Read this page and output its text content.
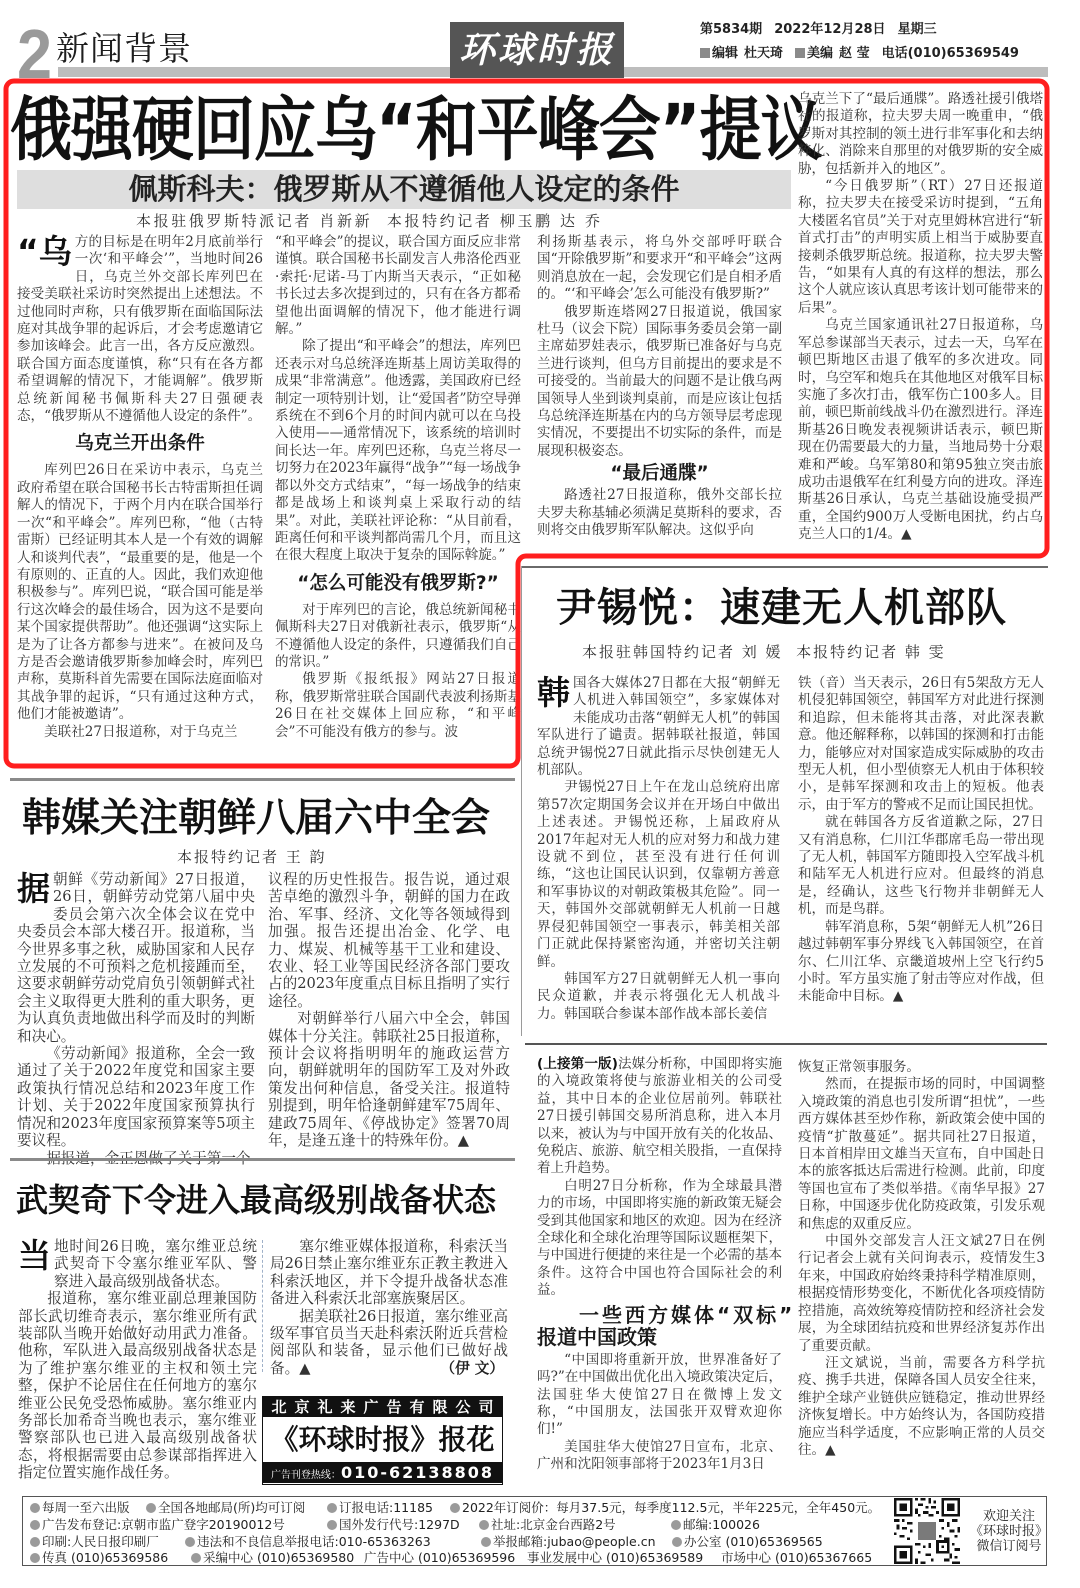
2 新闻背景	环球时报	第5834期 2022年12月28日 星期三
编辑 杜天琦 美编 赵 莹 电话(010)65369549
俄强硬回应乌“和平峰会”提议
佩斯科夫：俄罗斯从不遵循他人设定的条件
本报驻俄罗斯特派记者 肖新新  本报特约记者 柳玉鹏 达 乔

“乌方的目标是在明年2月底前举行一次‘和平峰会’”，当地时间26日，乌克兰外交部长库列巴在接受美联社采访时突然提出上述想法。不过他同时声称，只有俄罗斯在面临国际法庭对其战争罪的起诉后，才会考虑邀请它参加该峰会。此言一出，各方反应激烈。联合国方面态度谨慎，称“只有在各方都希望调解的情况下，才能调解”。俄罗斯总统新闻秘书佩斯科夫27日强硬表态，“俄罗斯从不遵循他人设定的条件”。

乌克兰开出条件

库列巴26日在采访中表示，乌克兰政府希望在联合国秘书长古特雷斯担任调解人的情况下，于两个月内在联合国举行一次“和平峰会”。库列巴称，“他（古特雷斯）已经证明其本人是一个有效的调解人和谈判代表”，“最重要的是，他是一个有原则的、正直的人。因此，我们欢迎他积极参与”。库列巴说，“联合国可能是举行这次峰会的最佳场合，因为这不是要向某个国家提供帮助”。他还强调“这实际上是为了让各方都参与进来”。在被问及乌方是否会邀请俄罗斯参加峰会时，库列巴声称，莫斯科首先需要在国际法庭面临对其战争罪的起诉，“只有通过这种方式，他们才能被邀请”。

美联社27日报道称，对于乌克兰

“和平峰会”的提议，联合国方面反应非常谨慎。联合国秘书长副发言人弗洛伦西亚·索托·尼诺-马丁内斯当天表示，“正如秘书长过去多次提到过的，只有在各方都希望他出面调解的情况下，他才能进行调解。”

除了提出“和平峰会”的想法，库列巴还表示对乌总统泽连斯基上周访美取得的成果“非常满意”。他透露，美国政府已经制定一项特别计划，让“爱国者”防空导弹系统在不到6个月的时间内就可以在乌投入使用——通常情况下，该系统的培训时间长达一年。库列巴还称，乌克兰将尽一切努力在2023年赢得“战争”“每一场战争都以外交方式结束”，“每一场战争的结束都是战场上和谈判桌上采取行动的结果”。对此，美联社评论称：“从目前看，距离任何和平谈判都尚需几个月，而且这在很大程度上取决于复杂的国际斡旋。”

“怎么可能没有俄罗斯?”

对于库列巴的言论，俄总统新闻秘书佩斯科夫27日对俄新社表示，俄罗斯“从不遵循他人设定的条件，只遵循我们自己的常识。”

俄罗斯《报纸报》网站27日报道称，俄罗斯常驻联合国副代表波利扬斯基26日在社交媒体上回应称，“和平峰会”不可能没有俄方的参与。波

利扬斯基表示，将乌外交部呼吁联合国“开除俄罗斯”和要求开“和平峰会”这两则消息放在一起，会发现它们是自相矛盾的。“‘和平峰会’怎么可能没有俄罗斯?”

俄罗斯连塔网27日报道说，俄国家杜马（议会下院）国际事务委员会第一副主席茹罗娃表示，俄罗斯已准备好与乌克兰进行谈判，但乌方目前提出的要求是不可接受的。当前最大的问题不是让俄乌两国领导人坐到谈判桌前，而是应该让包括乌总统泽连斯基在内的乌方领导层考虑现实情况，不要提出不切实际的条件，而是展现积极姿态。

“最后通牒”

路透社27日报道称，俄外交部长拉夫罗夫称基辅必须满足莫斯科的要求，否则将交由俄罗斯军队解决。这似乎向

乌克兰下了“最后通牒”。路透社援引俄塔社的报道称，拉夫罗夫周一晚重申，“俄罗斯对其控制的领土进行非军事化和去纳粹化、消除来自那里的对俄罗斯的安全威胁，包括新并入的地区”。

“今日俄罗斯”（RT）27日还报道称，拉夫罗夫在接受采访时提到，“五角大楼匿名官员”关于对克里姆林宫进行“斩首式打击”的声明实质上相当于威胁要直接刺杀俄罗斯总统。报道称，拉夫罗夫警告，“如果有人真的有这样的想法，那么这个人就应该认真思考该计划可能带来的后果”。

乌克兰国家通讯社27日报道称，乌军总参谋部当天表示，过去一天，乌军在顿巴斯地区击退了俄军的多次进攻。同时，乌空军和炮兵在其他地区对俄军目标实施了多次打击，俄军伤亡100多人。目前，顿巴斯前线战斗仍在激烈进行。泽连斯基26日晚发表视频讲话表示，顿巴斯现在仍需要最大的力量，当地局势十分艰难和严峻。乌军第80和第95独立突击旅成功击退俄军在红利曼方向的进攻。泽连斯基26日承认，乌克兰基础设施受损严重，全国约900万人受断电困扰，约占乌克兰人口的1/4。▲

尹锡悦：速建无人机部队
本报驻韩国特约记者 刘 媛  本报特约记者 韩 雯

韩国各大媒体27日都在大报“朝鲜无人机进入韩国领空”，多家媒体对未能成功击落“朝鲜无人机”的韩国军队进行了谴责。据韩联社报道，韩国总统尹锡悦27日就此指示尽快创建无人机部队。

尹锡悦27日上午在龙山总统府出席第57次定期国务会议并在开场白中做出上述表述。尹锡悦还称，上届政府从2017年起对无人机的应对努力和战力建设就不到位，甚至没有进行任何训练，“这也让国民认识到，仅靠朝方善意和军事协议的对朝政策极其危险”。同一天，韩国外交部就朝鲜无人机前一日越界侵犯韩国领空一事表示，韩美相关部门正就此保持紧密沟通，并密切关注朝鲜。

韩国军方27日就朝鲜无人机一事向民众道歉，并表示将强化无人机战斗力。韩国联合参谋本部作战本部长姜信

铁（音）当天表示，26日有5架敌方无人机侵犯韩国领空，韩国军方对此进行探测和追踪，但未能将其击落，对此深表歉意。他还解释称，以韩国的探测和打击能力，能够应对对国家造成实际威胁的攻击型无人机，但小型侦察无人机由于体积较小，是韩军探测和攻击上的短板。他表示，由于军方的警戒不足而让国民担忧。

就在韩国各方反省道歉之际，27日又有消息称，仁川江华郡席毛岛一带出现了无人机，韩国军方随即投入空军战斗机和陆军无人机进行应对。但最终的消息是，经确认，这些飞行物并非朝鲜无人机，而是鸟群。

韩军消息称，5架“朝鲜无人机”26日越过韩朝军事分界线飞入韩国领空，在首尔、仁川江华、京畿道坡州上空飞行约5小时。军方虽实施了射击等应对作战，但未能命中目标。▲

韩媒关注朝鲜八届六中全会
本报特约记者 王 韵

据朝鲜《劳动新闻》27日报道，26日，朝鲜劳动党第八届中央委员会第六次全体会议在党中央委员会本部大楼召开。报道称，当今世界多事之秋，威胁国家和人民存立发展的不可预料之危机接踵而至，这要求朝鲜劳动党肩负引领朝鲜式社会主义取得更大胜利的重大职务，更为认真负责地做出科学而及时的判断和决心。

《劳动新闻》报道称，全会一致通过了关于2022年度党和国家主要政策执行情况总结和2023年度工作计划、关于2022年度国家预算执行情况和2023年度国家预算案等5项主要议程。

议程的历史性报告。报告说，通过艰苦卓绝的激烈斗争，朝鲜的国力在政治、军事、经济、文化等各领域得到加强。报告还提出冶金、化学、电力、煤炭、机械等基干工业和建设、农业、轻工业等国民经济各部门要攻占的2023年度重点目标且指明了实行途径。

对朝鲜举行八届六中全会，韩国媒体十分关注。韩联社25日报道称，预计会议将指明明年的施政运营方向，朝鲜就明年的国防军工及对外政策发出何种信息，备受关注。报道特别提到，明年恰逢朝鲜建军75周年、建政75周年、《停战协定》签署70周年，是逢五逢十的特殊年份。▲

武契奇下令进入最高级别战备状态

当地时间26日晚，塞尔维亚总统武契奇下令塞尔维亚军队、警察进入最高级别战备状态。

报道称，塞尔维亚副总理兼国防部长武切维奇表示，塞尔维亚所有武装部队当晚开始做好动用武力准备。他称，军队进入最高级别战备状态是为了维护塞尔维亚的主权和领土完整，保护不论居住在任何地方的塞尔维亚公民免受恐怖威胁。塞尔维亚内务部长加希奇当晚也表示，塞尔维亚警察部队也已进入最高级别战备状态，将根据需要由总参谋部指挥进入指定位置实施作战任务。

塞尔维亚媒体报道称，科索沃当局26日禁止塞尔维亚东正教主教进入科索沃地区，并下令提升战备状态准备进入科索沃北部塞族聚居区。

据美联社26日报道，塞尔维亚高级军事官员当天赴科索沃附近兵营检阅部队和装备，显示他们已做好战备。▲	（伊 文）

北京礼来广告有限公司
《环球时报》报花
广告刊登热线：010-62138808

(上接第一版)法媒分析称，中国即将实施的入境政策将使与旅游业相关的公司受益，其中日本的企业位居前列。韩联社27日援引韩国交易所消息称，进入本月以来，被认为与中国开放有关的化妆品、免税店、旅游、航空相关股指，一直保持着上升趋势。

白明27日分析称，作为全球最具潜力的市场，中国即将实施的新政策无疑会受到其他国家和地区的欢迎。因为在经济全球化和全球化治理等国际议题框架下，与中国进行便捷的来往是一个必需的基本条件。这符合中国也符合国际社会的利益。

一些西方媒体“双标”
报道中国政策

“中国即将重新开放，世界准备好了吗?”在中国做出优化出入境政策决定后，法国驻华大使馆27日在微博上发文称，“中国朋友，法国张开双臂欢迎你们!”

美国驻华大使馆27日宣布，北京、广州和沈阳领事部将于2023年1月3日

恢复正常领事服务。

然而，在提振市场的同时，中国调整入境政策的消息也引发所谓“担忧”，一些西方媒体甚至炒作称，新政策会使中国的疫情“扩散蔓延”。据共同社27日报道，日本首相岸田文雄当天宣布，自中国赴日本的旅客抵达后需进行检测。此前，印度等国也宣布了类似举措。《南华早报》27日称，中国逐步优化防疫政策，引发乐观和焦虑的双重反应。

中国外交部发言人汪文斌27日在例行记者会上就有关问询表示，疫情发生3年来，中国政府始终秉持科学精准原则，根据疫情形势变化，不断优化各项疫情防控措施，高效统筹疫情防控和经济社会发展，为全球团结抗疫和世界经济复苏作出了重要贡献。

汪文斌说，当前，需要各方科学抗疫、携手共进，保障各国人员安全往来，维护全球产业链供应链稳定，推动世界经济恢复增长。中方始终认为，各国防疫措施应当科学适度，不应影响正常的人员交往。▲

每周一至六出版	全国各地邮局(所)均可订阅	订报电话:11185	2022年订阅价：每月37.5元，每季度112.5元，半年225元，全年450元。
广告发布登记:京朝市监广登字20190012号	国外发行代号:1297D	社址:北京金台西路2号	邮编:100026
印刷:人民日报印刷厂	违法和不良信息举报电话:010-65363263	举报邮箱:jubao@people.cn	办公室 (010)65369565
传真 (010)65369586	采编中心 (010)65369580 广告中心 (010)65369596 事业发展中心 (010)65369589 市场中心 (010)65367665
欢迎关注
《环球时报》
微信订阅号
